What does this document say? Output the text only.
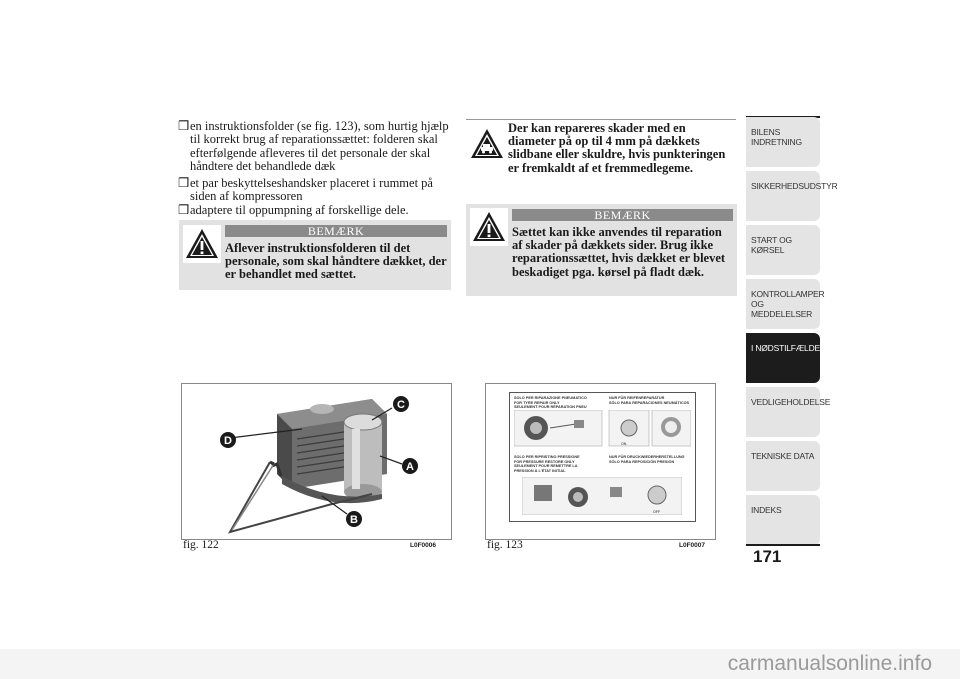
❒ en instruktionsfolder (se fig. 123), som hurtig hjælp til korrekt brug af reparationssættet: folderen skal efterfølgende afleveres til det personale der skal håndtere det behandlede dæk
❒ et par beskyttelseshandsker placeret i rummet på siden af kompressoren
❒ adaptere til oppumpning af forskellige dele.
BEMÆRK
Aflever instruktionsfolderen til det personale, som skal håndtere dækket, der er behandlet med sættet.
Der kan repareres skader med en diameter på op til 4 mm på dækkets slidbane eller skuldre, hvis punkteringen er fremkaldt af et fremmedlegeme.
BEMÆRK
Sættet kan ikke anvendes til reparation af skader på dækkets sider. Brug ikke reparationssættet, hvis dækket er blevet beskadiget pga. kørsel på fladt dæk.
D
C
A
B
fig. 122	L0F0006
SOLO PER RIPARAZIONE PNEUMATICO
FOR TYRE REPAIR ONLY
SEULEMENT POUR RÉPARATION PNEU
NUR FÜR REIFENREPARATUR
SÓLO PARA REPARACIONES NEUMÁTICOS
ON
SOLO PER RIPRISTINO PRESSIONE
FOR PRESSURE RESTORE ONLY
SEULEMENT POUR REMETTRE LA
PRESSION À L'ÉTAT INITIAL
NUR FÜR DRUCKWIEDERHERSTELLUNG
SÓLO PARA REPOSICIÓN PRESIÓN
OFF
fig. 123	L0F0007
BILENS
INDRETNING
SIKKERHEDSUDSTYR
START OG KØRSEL
KONTROLLAMPER
OG MEDDELELSER
I NØDSTILFÆLDE
VEDLIGEHOLDELSE
TEKNISKE DATA
INDEKS
171
carmanualsonline.info
